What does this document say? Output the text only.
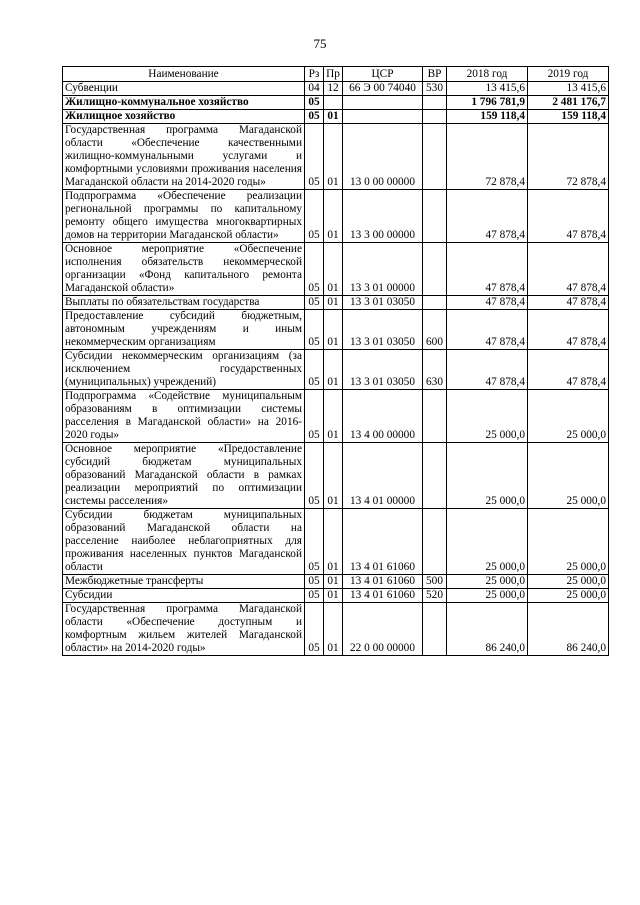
75
Наименование	Рз	Пр	ЦСР	ВР	2018 год	2019 год
Субвенции	04	12	66 Э 00 74040	530	13 415,6	13 415,6
Жилищно-коммунальное хозяйство	05				1 796 781,9	2 481 176,7
Жилищное хозяйство	05	01			159 118,4	159 118,4
Государственная программа Магаданской области «Обеспечение качественными жилищно-коммунальными услугами и комфортными условиями проживания населения Магаданской области на 2014-2020 годы»	05	01	13 0 00 00000		72 878,4	72 878,4
Подпрограмма «Обеспечение реализации региональной программы по капитальному ремонту общего имущества многоквартирных домов на территории Магаданской области»	05	01	13 3 00 00000		47 878,4	47 878,4
Основное мероприятие «Обеспечение исполнения обязательств некоммерческой организации «Фонд капитального ремонта Магаданской области»	05	01	13 3 01 00000		47 878,4	47 878,4
Выплаты по обязательствам государства	05	01	13 3 01 03050		47 878,4	47 878,4
Предоставление субсидий бюджетным, автономным учреждениям и иным некоммерческим организациям	05	01	13 3 01 03050	600	47 878,4	47 878,4
Субсидии некоммерческим организациям (за исключением государственных (муниципальных) учреждений)	05	01	13 3 01 03050	630	47 878,4	47 878,4
Подпрограмма «Содействие муниципальным образованиям в оптимизации системы расселения в Магаданской области» на 2016-2020 годы»	05	01	13 4 00 00000		25 000,0	25 000,0
Основное мероприятие «Предоставление субсидий бюджетам муниципальных образований Магаданской области в рамках реализации мероприятий по оптимизации системы расселения»	05	01	13 4 01 00000		25 000,0	25 000,0
Субсидии бюджетам муниципальных образований Магаданской области на расселение наиболее неблагоприятных для проживания населенных пунктов Магаданской области	05	01	13 4 01 61060		25 000,0	25 000,0
Межбюджетные трансферты	05	01	13 4 01 61060	500	25 000,0	25 000,0
Субсидии	05	01	13 4 01 61060	520	25 000,0	25 000,0
Государственная программа Магаданской области «Обеспечение доступным и комфортным жильем жителей Магаданской области» на 2014-2020 годы»	05	01	22 0 00 00000		86 240,0	86 240,0
